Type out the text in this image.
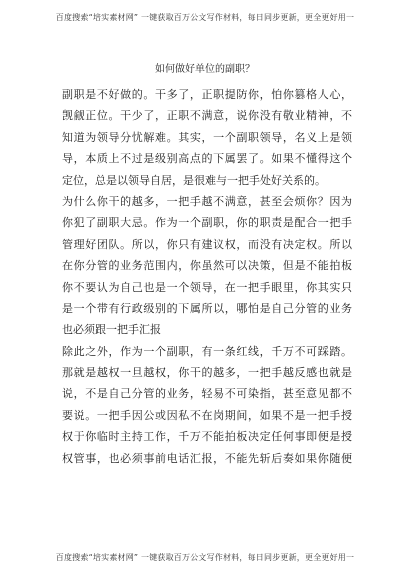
百度搜索“培实素材网” 一键获取百万公文写作材料，每日同步更新，更全更好用一
如何做好单位的副职？
副职是不好做的。干多了，正职提防你，怕你篡格人心，
觊觎正位。干少了，正职不满意，说你没有敬业精神，不
知道为领导分忧解难。其实，一个副职领导，名义上是领
导，本质上不过是级别高点的下属罢了。如果不懂得这个
定位，总是以领导自居，是很难与一把手处好关系的。
为什么你干的越多，一把手越不满意，甚至会烦你？因为
你犯了副职大忌。作为一个副职，你的职责是配合一把手
管理好团队。所以，你只有建议权，而没有决定权。所以
在你分管的业务范围内，你虽然可以决策，但是不能拍板
你不要认为自己也是一个领导，在一把手眼里，你其实只
是一个带有行政级别的下属所以，哪怕是自己分管的业务
也必须跟一把手汇报
除此之外，作为一个副职，有一条红线，千万不可踩踏。
那就是越权一旦越权，你干的越多，一把手越反感也就是
说，不是自己分管的业务，轻易不可染指，甚至意见都不
要说。一把手因公或因私不在岗期间，如果不是一把手授
权于你临时主持工作，千万不能拍板决定任何事即便是授
权管事，也必须事前电话汇报，不能先斩后奏如果你随便
百度搜索“培实素材网” 一键获取百万公文写作材料，每日同步更新，更全更好用一
